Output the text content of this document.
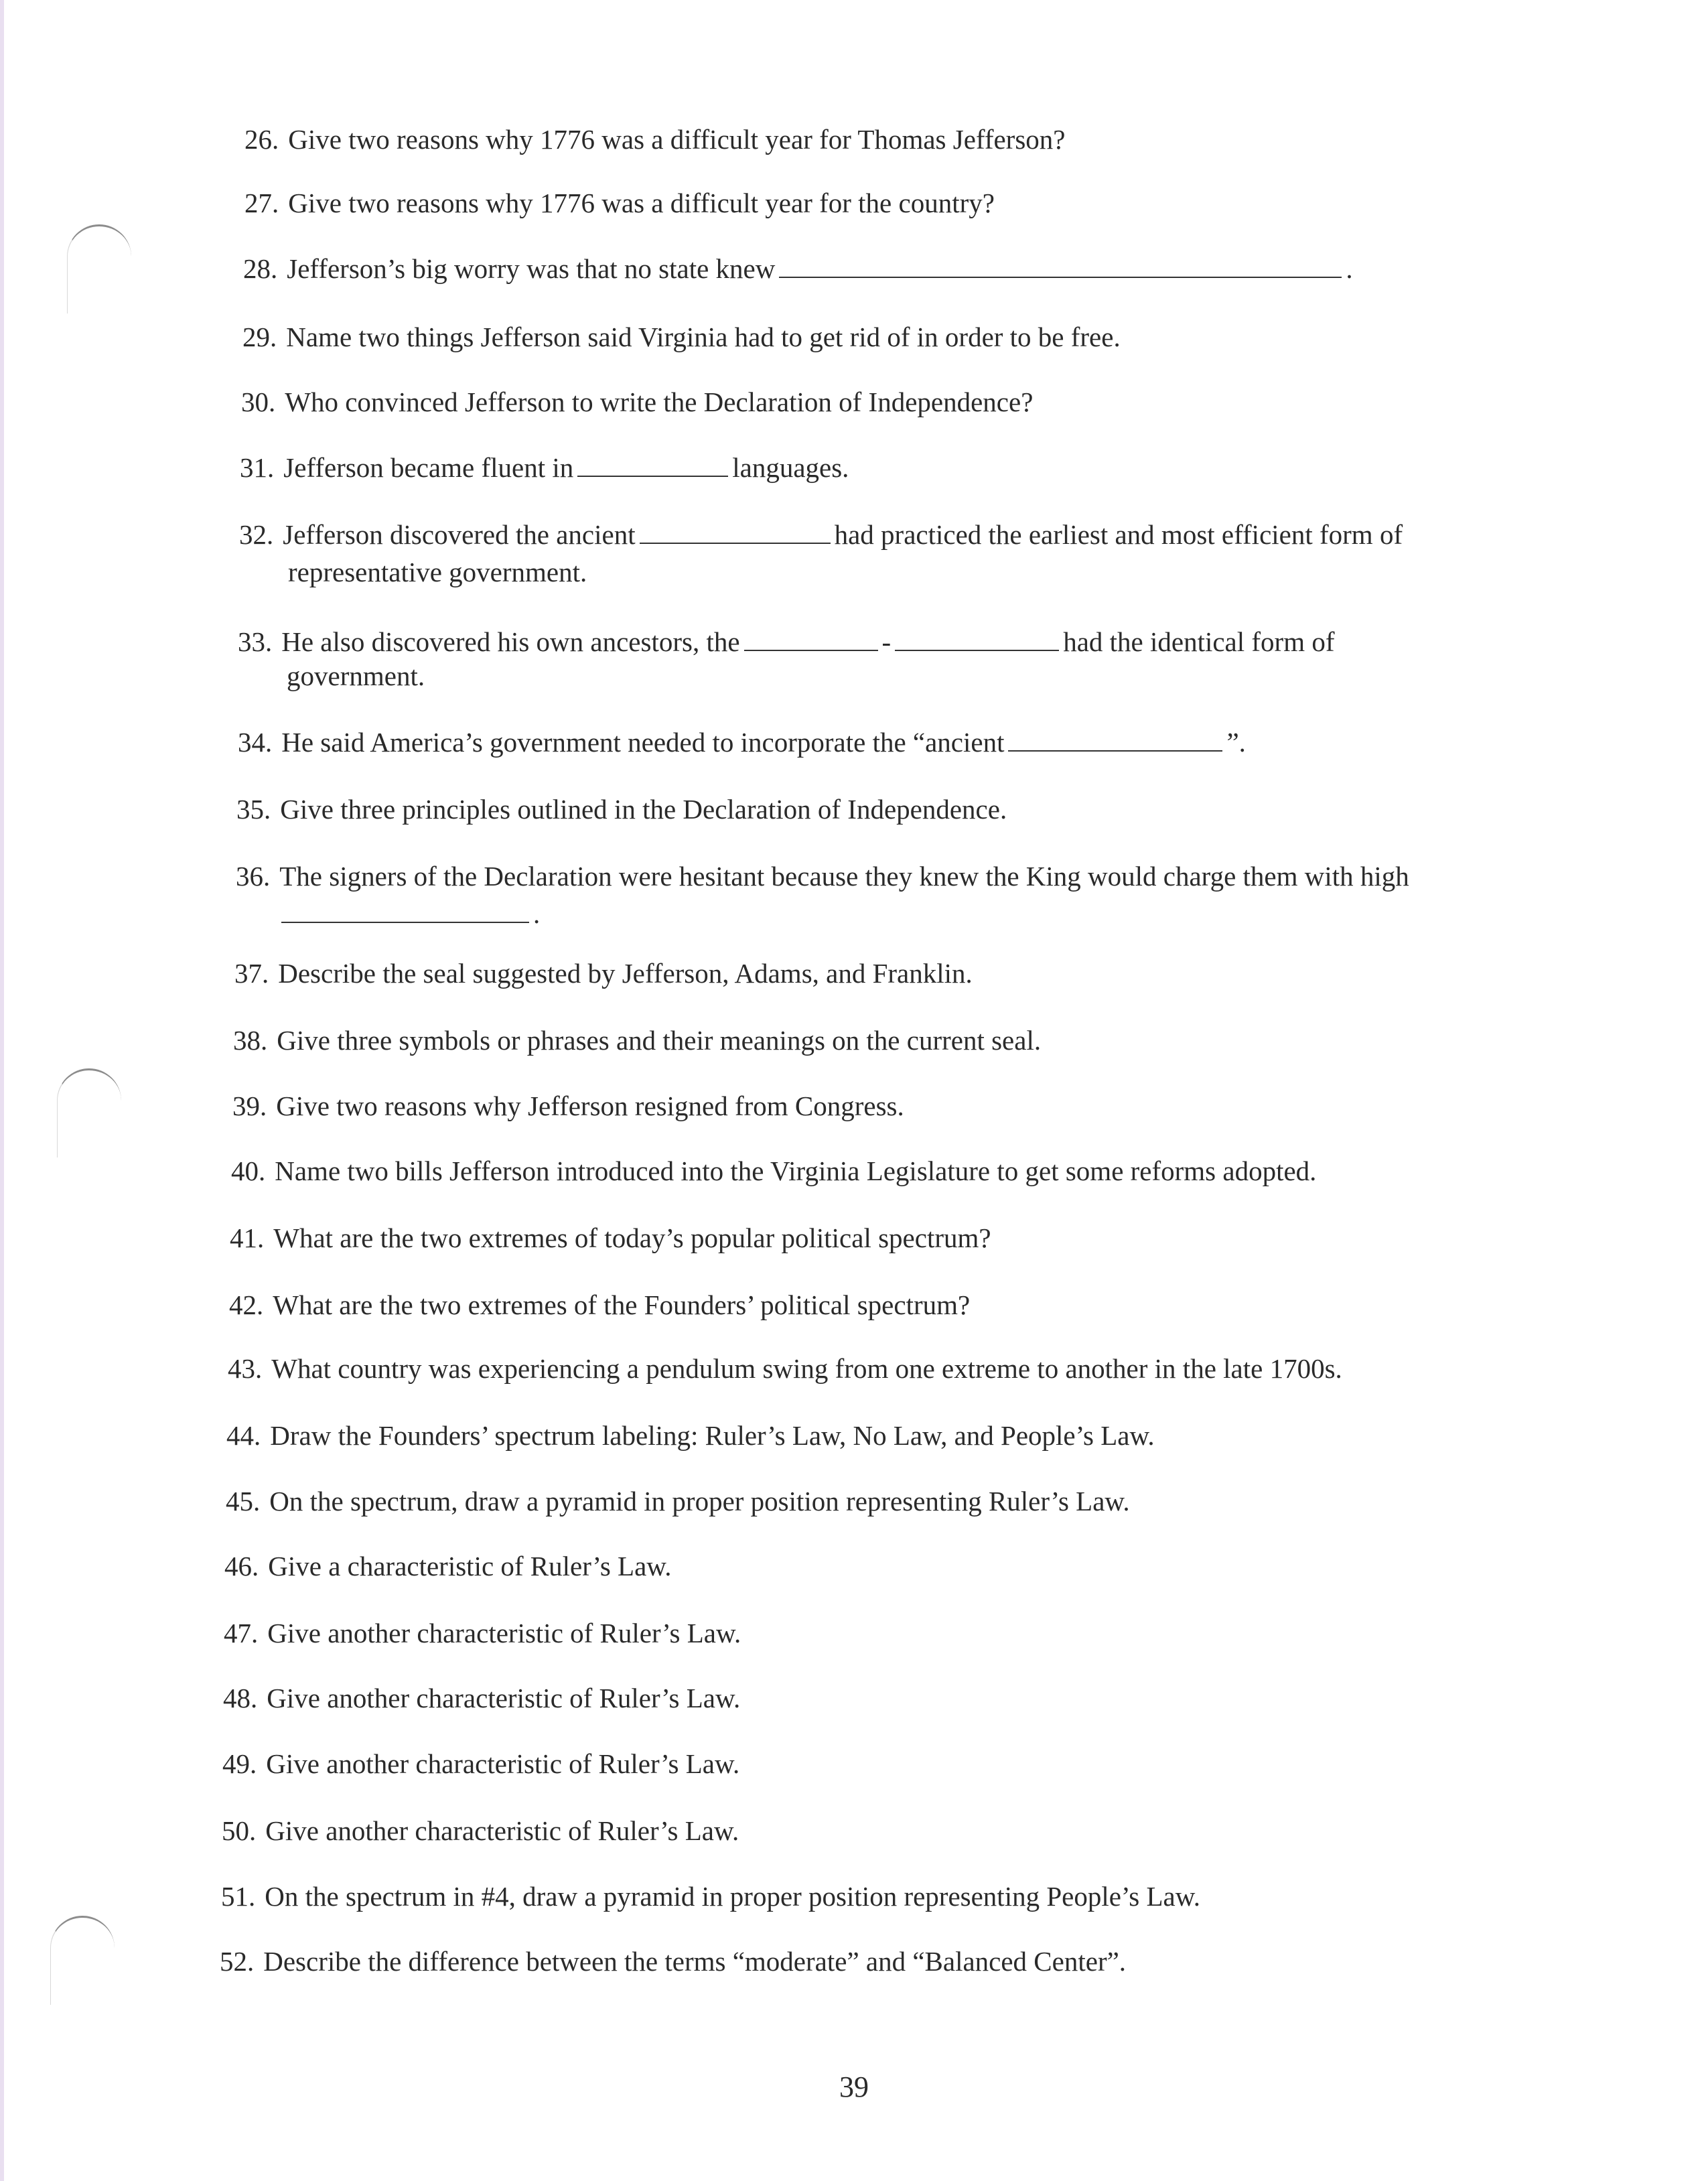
26. Give two reasons why 1776 was a difficult year for Thomas Jefferson?
27. Give two reasons why 1776 was a difficult year for the country?
28. Jefferson’s big worry was that no state knew	.
29. Name two things Jefferson said Virginia had to get rid of in order to be free.
30. Who convinced Jefferson to write the Declaration of Independence?
31. Jefferson became fluent in	languages.
32. Jefferson discovered the ancient	had practiced the earliest and most efficient form of
representative government.
33. He also discovered his own ancestors, the	-	had the identical form of
government.
34. He said America’s government needed to incorporate the “ancient	”.
35. Give three principles outlined in the Declaration of Independence.
36. The signers of the Declaration were hesitant because they knew the King would charge them with high
.
37. Describe the seal suggested by Jefferson, Adams, and Franklin.
38. Give three symbols or phrases and their meanings on the current seal.
39. Give two reasons why Jefferson resigned from Congress.
40. Name two bills Jefferson introduced into the Virginia Legislature to get some reforms adopted.
41. What are the two extremes of today’s popular political spectrum?
42. What are the two extremes of the Founders’ political spectrum?
43. What country was experiencing a pendulum swing from one extreme to another in the late 1700s.
44. Draw the Founders’ spectrum labeling: Ruler’s Law, No Law, and People’s Law.
45. On the spectrum, draw a pyramid in proper position representing Ruler’s Law.
46. Give a characteristic of Ruler’s Law.
47. Give another characteristic of Ruler’s Law.
48. Give another characteristic of Ruler’s Law.
49. Give another characteristic of Ruler’s Law.
50. Give another characteristic of Ruler’s Law.
51. On the spectrum in #4, draw a pyramid in proper position representing People’s Law.
52. Describe the difference between the terms “moderate” and “Balanced Center”.
39
